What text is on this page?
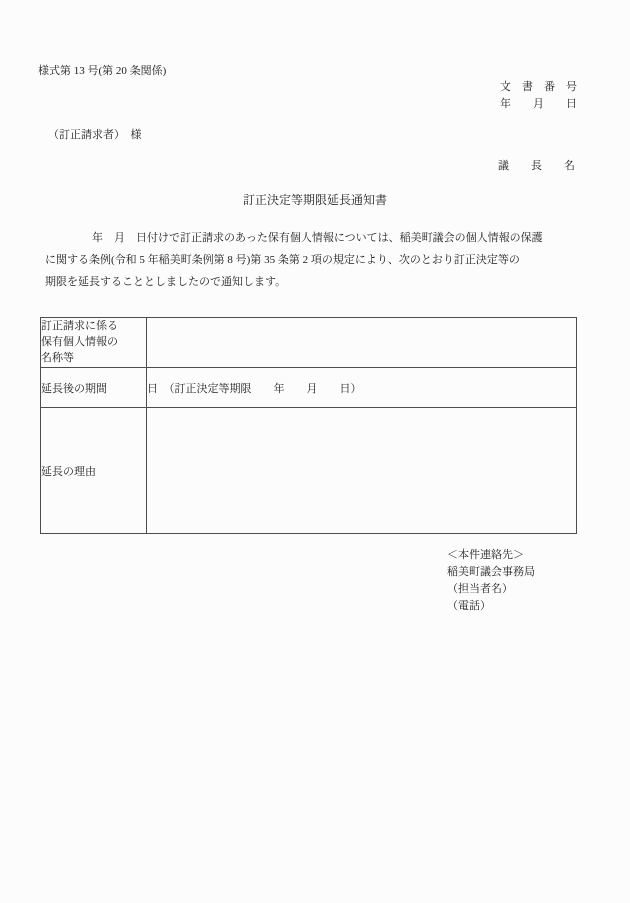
様式第 13 号(第 20 条関係)
文　書　番　号
年　　月　　日
（訂正請求者）　様
議　　長　　名
訂正決定等期限延長通知書
年　月　日付けで訂正請求のあった保有個人情報については、稲美町議会の個人情報の保護
に関する条例(令和 5 年稲美町条例第 8 号)第 35 条第 2 項の規定により、次のとおり訂正決定等の
期限を延長することとしましたので通知します。
訂正請求に係る
保有個人情報の
名称等	

延長後の期間	日　（訂正決定等期限　　年　　月　　日）
延長の理由	
＜本件連絡先＞
稲美町議会事務局
（担当者名）
（電話）
